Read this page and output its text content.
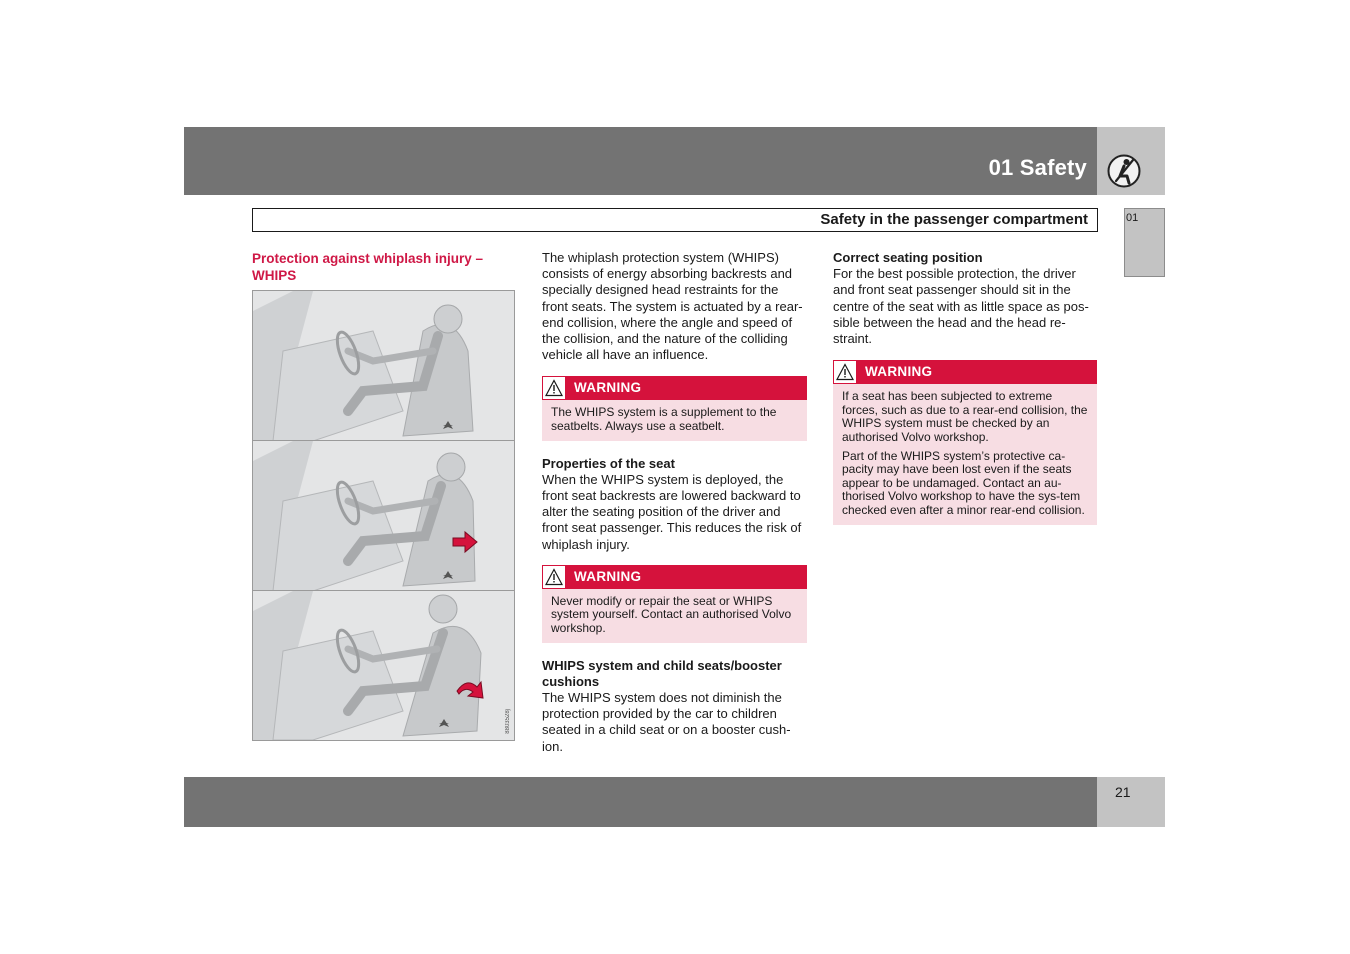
01 Safety
Safety in the passenger compartment	01

Protection against whiplash injury – WHIPS

8803528j

The whiplash protection system (WHIPS) consists of energy absorbing backrests and specially designed head restraints for the front seats. The system is actuated by a rear-end collision, where the angle and speed of the collision, and the nature of the colliding vehicle all have an influence.

WARNING

The WHIPS system is a supplement to the seatbelts. Always use a seatbelt.

Properties of the seat

When the WHIPS system is deployed, the front seat backrests are lowered backward to alter the seating position of the driver and front seat passenger. This reduces the risk of whiplash injury.

WARNING

Never modify or repair the seat or WHIPS system yourself. Contact an authorised Volvo workshop.

WHIPS system and child seats/booster cushions

The WHIPS system does not diminish the protection provided by the car to children seated in a child seat or on a booster cush-ion.

Correct seating position

For the best possible protection, the driver and front seat passenger should sit in the centre of the seat with as little space as pos-sible between the head and the head re-straint.

WARNING

If a seat has been subjected to extreme forces, such as due to a rear-end collision, the WHIPS system must be checked by an authorised Volvo workshop.

Part of the WHIPS system’s protective ca-pacity may have been lost even if the seats appear to be undamaged. Contact an au-thorised Volvo workshop to have the sys-tem checked even after a minor rear-end collision.

21
